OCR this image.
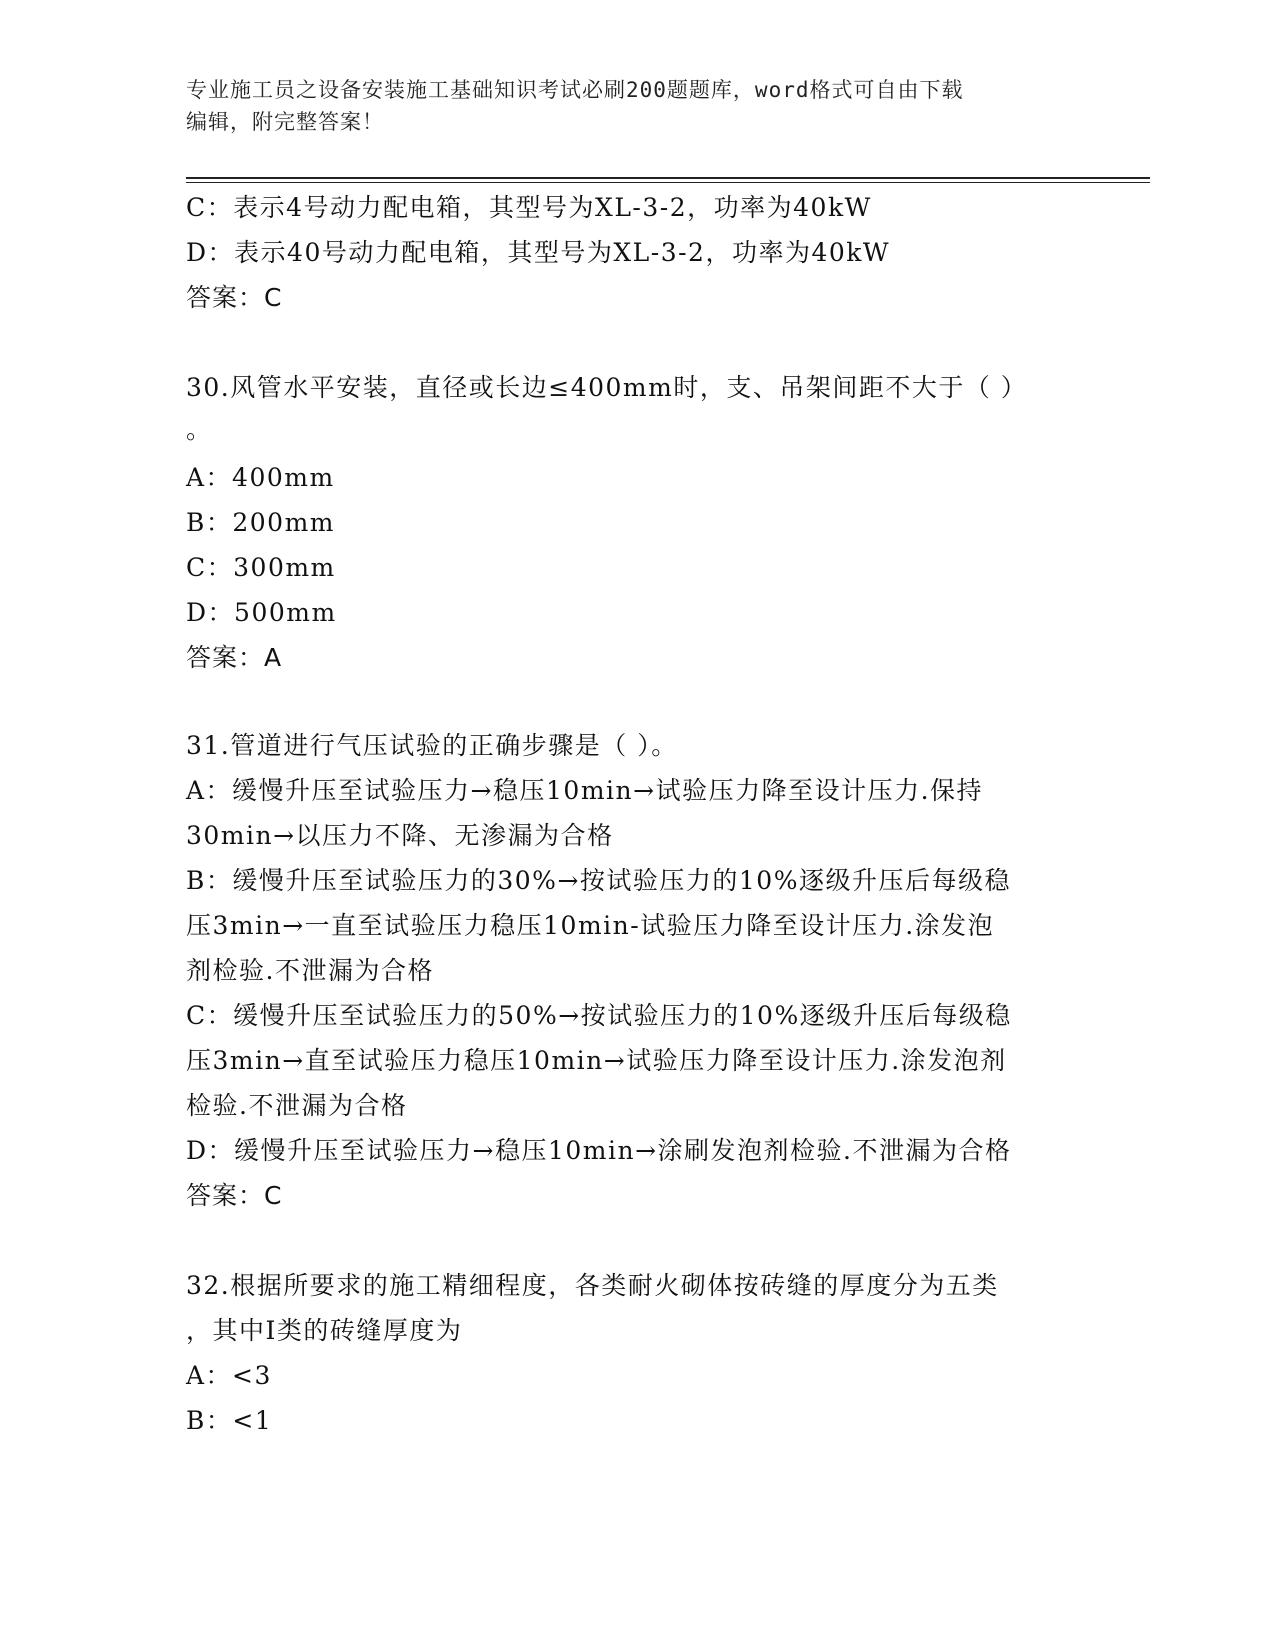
专业施工员之设备安装施工基础知识考试必刷200题题库，word格式可自由下载
编辑，附完整答案！
C：表示4号动力配电箱，其型号为XL-3-2，功率为40kW
D：表示40号动力配电箱，其型号为XL-3-2，功率为40kW
答案：C
30.风管水平安装，直径或长边≤400mm时，支、吊架间距不大于（ ）
。
A：400mm
B：200mm
C：300mm
D：500mm
答案：A
31.管道进行气压试验的正确步骤是（ ）。
A：缓慢升压至试验压力→稳压10min→试验压力降至设计压力.保持
30min→以压力不降、无渗漏为合格
B：缓慢升压至试验压力的30%→按试验压力的10%逐级升压后每级稳
压3min→一直至试验压力稳压10min-试验压力降至设计压力.涂发泡
剂检验.不泄漏为合格
C：缓慢升压至试验压力的50%→按试验压力的10%逐级升压后每级稳
压3min→直至试验压力稳压10min→试验压力降至设计压力.涂发泡剂
检验.不泄漏为合格
D：缓慢升压至试验压力→稳压10min→涂刷发泡剂检验.不泄漏为合格
答案：C
32.根据所要求的施工精细程度，各类耐火砌体按砖缝的厚度分为五类
，其中Ⅰ类的砖缝厚度为
A：<3
B：<1
